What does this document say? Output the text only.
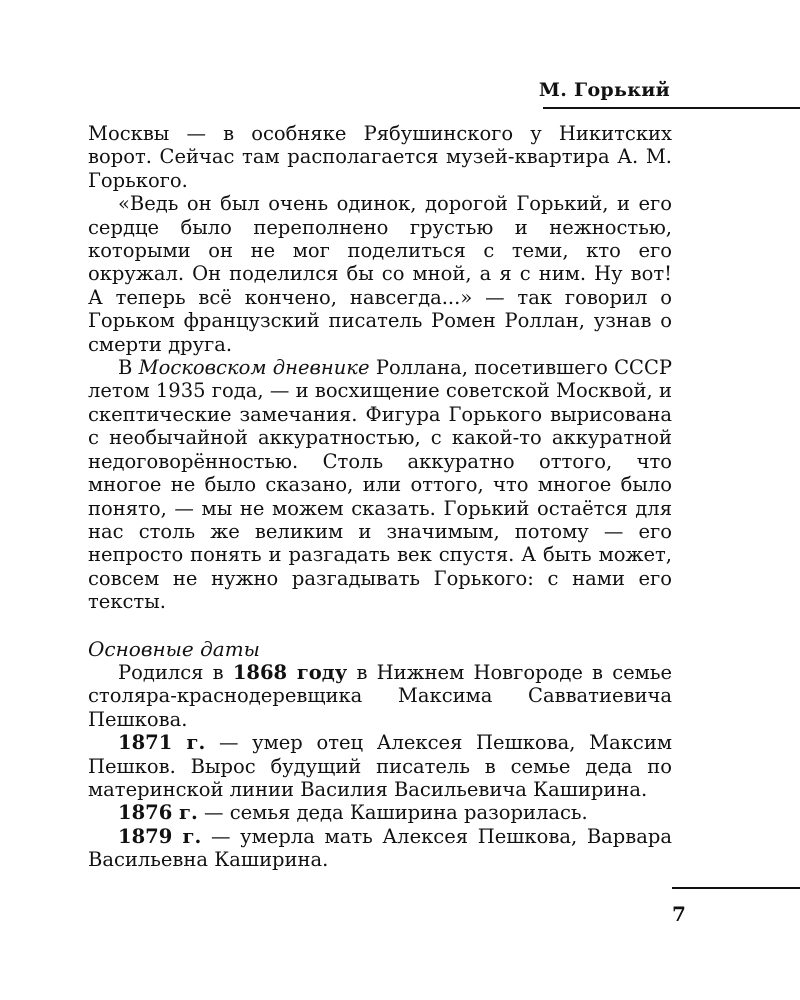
М. Горький

Москвы — в особняке Рябушинского у Никитских ворот. Сейчас там располагается музей-квартира А. М. Горького.

«Ведь он был очень одинок, дорогой Горький, и его сердце было переполнено грустью и нежностью, которыми он не мог поделиться с теми, кто его окружал. Он поделился бы со мной, а я с ним. Ну вот! А теперь всё кончено, навсегда...» — так говорил о Горьком французский писатель Ромен Роллан, узнав о смерти друга.

В Московском дневнике Роллана, посетившего СССР летом 1935 года, — и восхищение советской Москвой, и скептические замечания. Фигура Горького вырисована с необычайной аккуратностью, с какой-то аккуратной недоговорённостью. Столь аккуратно оттого, что многое не было сказано, или оттого, что многое было понято, — мы не можем сказать. Горький остаётся для нас столь же великим и значимым, потому — его непросто понять и разгадать век спустя. А быть может, совсем не нужно разгадывать Горького: с нами его тексты.

Основные даты

Родился в 1868 году в Нижнем Новгороде в семье столяра-краснодеревщика Максима Савватиевича Пешкова.

1871 г. — умер отец Алексея Пешкова, Максим Пешков. Вырос будущий писатель в семье деда по материнской линии Василия Васильевича Каширина.

1876 г. — семья деда Каширина разорилась.

1879 г. — умерла мать Алексея Пешкова, Варвара Васильевна Каширина.

7
